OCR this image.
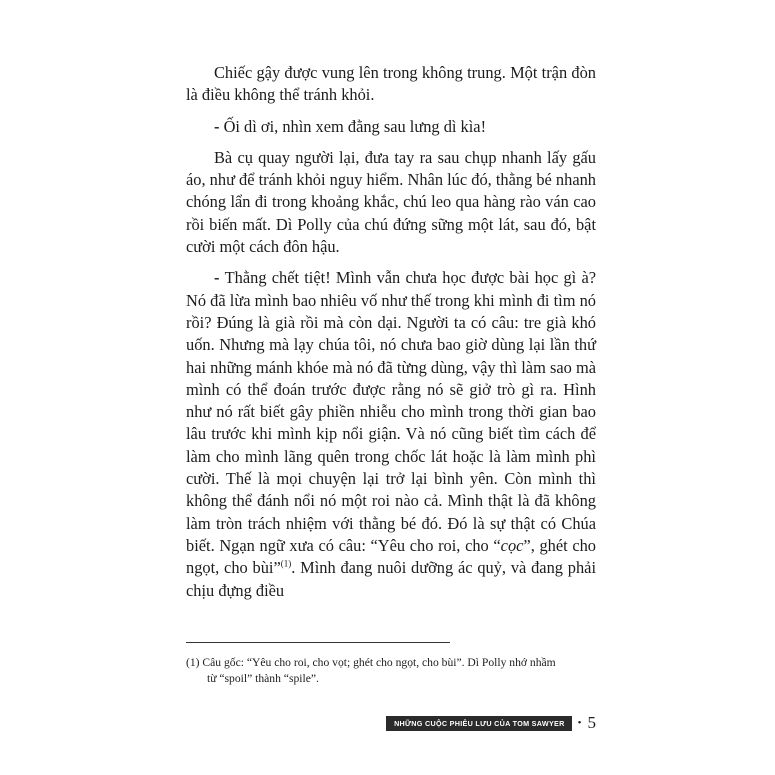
Chiếc gậy được vung lên trong không trung. Một trận đòn là điều không thể tránh khỏi.

- Ối dì ơi, nhìn xem đằng sau lưng dì kìa!

Bà cụ quay người lại, đưa tay ra sau chụp nhanh lấy gấu áo, như để tránh khỏi nguy hiểm. Nhân lúc đó, thằng bé nhanh chóng lẩn đi trong khoảng khắc, chú leo qua hàng rào ván cao rồi biến mất. Dì Polly của chú đứng sững một lát, sau đó, bật cười một cách đôn hậu.

- Thằng chết tiệt! Mình vẫn chưa học được bài học gì à? Nó đã lừa mình bao nhiêu vố như thế trong khi mình đi tìm nó rồi? Đúng là già rồi mà còn dại. Người ta có câu: tre già khó uốn. Nhưng mà lạy chúa tôi, nó chưa bao giờ dùng lại lần thứ hai những mánh khóe mà nó đã từng dùng, vậy thì làm sao mà mình có thể đoán trước được rằng nó sẽ giở trò gì ra. Hình như nó rất biết gây phiền nhiễu cho mình trong thời gian bao lâu trước khi mình kịp nổi giận. Và nó cũng biết tìm cách để làm cho mình lãng quên trong chốc lát hoặc là làm mình phì cười. Thế là mọi chuyện lại trở lại bình yên. Còn mình thì không thể đánh nổi nó một roi nào cả. Mình thật là đã không làm tròn trách nhiệm với thằng bé đó. Đó là sự thật có Chúa biết. Ngạn ngữ xưa có câu: “Yêu cho roi, cho “cọc”, ghét cho ngọt, cho bùi”$^{(1)}$. Mình đang nuôi dưỡng ác quỷ, và đang phải chịu đựng điều

(1) Câu gốc: “Yêu cho roi, cho vọt; ghét cho ngọt, cho bùi”. Dì Polly nhớ nhầm
từ “spoil” thành “spile”.
NHỮNG CUỘC PHIÊU LƯU CỦA TOM SAWYER	• 5
